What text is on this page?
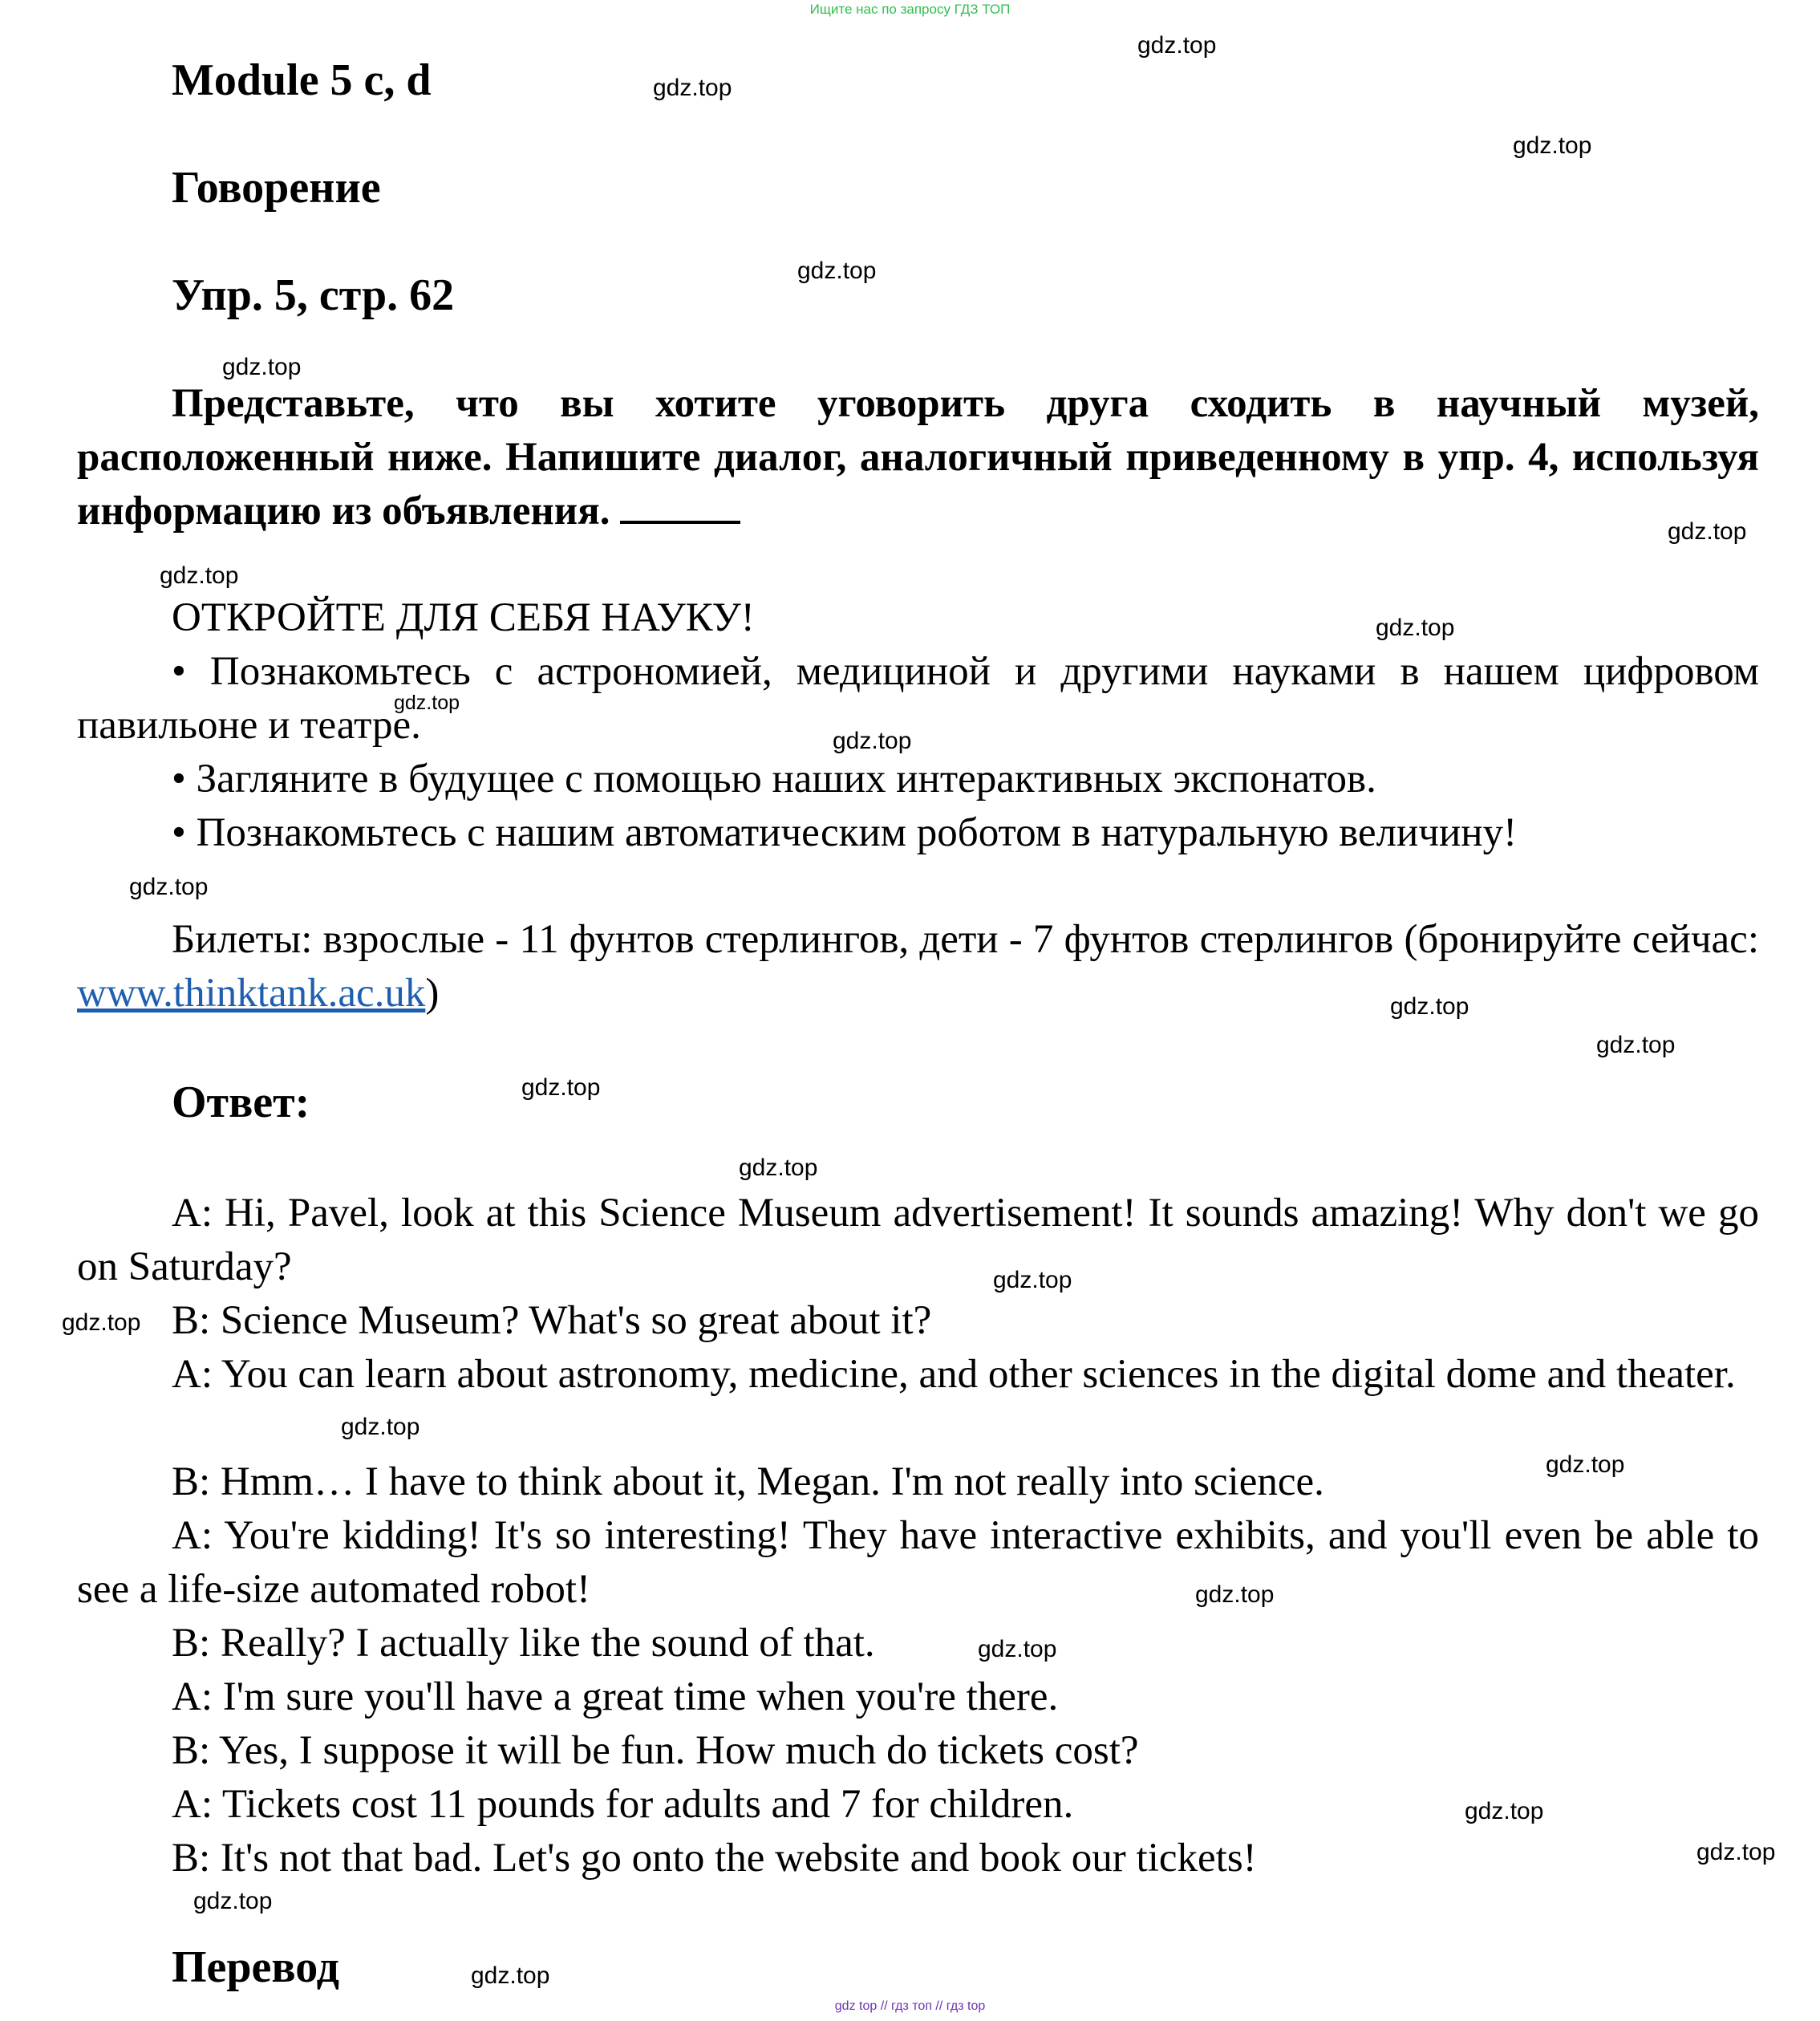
Ищите нас по запросу ГДЗ ТОП
Module 5 c, d
Говорение
Упр. 5, стр. 62
Представьте, что вы хотите уговорить друга сходить в научный музей, расположенный ниже. Напишите диалог, аналогичный приведенному в упр. 4, используя информацию из объявления.
ОТКРОЙТЕ ДЛЯ СЕБЯ НАУКУ!
• Познакомьтесь с астрономией, медициной и другими науками в нашем цифровом павильоне и театре.
• Загляните в будущее с помощью наших интерактивных экспонатов.
• Познакомьтесь с нашим автоматическим роботом в натуральную величину!
Билеты: взрослые - 11 фунтов стерлингов, дети - 7 фунтов стерлингов (бронируйте сейчас: www.thinktank.ac.uk)
Ответ:
A: Hi, Pavel, look at this Science Museum advertisement! It sounds amazing! Why don't we go on Saturday?
B: Science Museum? What's so great about it?
A: You can learn about astronomy, medicine, and other sciences in the digital dome and theater.
B: Hmm… I have to think about it, Megan. I'm not really into science.
A: You're kidding! It's so interesting! They have interactive exhibits, and you'll even be able to see a life-size automated robot!
B: Really? I actually like the sound of that.
A: I'm sure you'll have a great time when you're there.
B: Yes, I suppose it will be fun. How much do tickets cost?
A: Tickets cost 11 pounds for adults and 7 for children.
B: It's not that bad. Let's go onto the website and book our tickets!
Перевод
gdz.top
gdz.top
gdz.top
gdz.top
gdz.top
gdz.top
gdz.top
gdz.top
gdz.top
gdz.top
gdz.top
gdz.top
gdz.top
gdz.top
gdz.top
gdz.top
gdz.top
gdz.top
gdz.top
gdz.top
gdz.top
gdz.top
gdz.top
gdz.top
gdz.top
gdz top // гдз топ // гдз top
